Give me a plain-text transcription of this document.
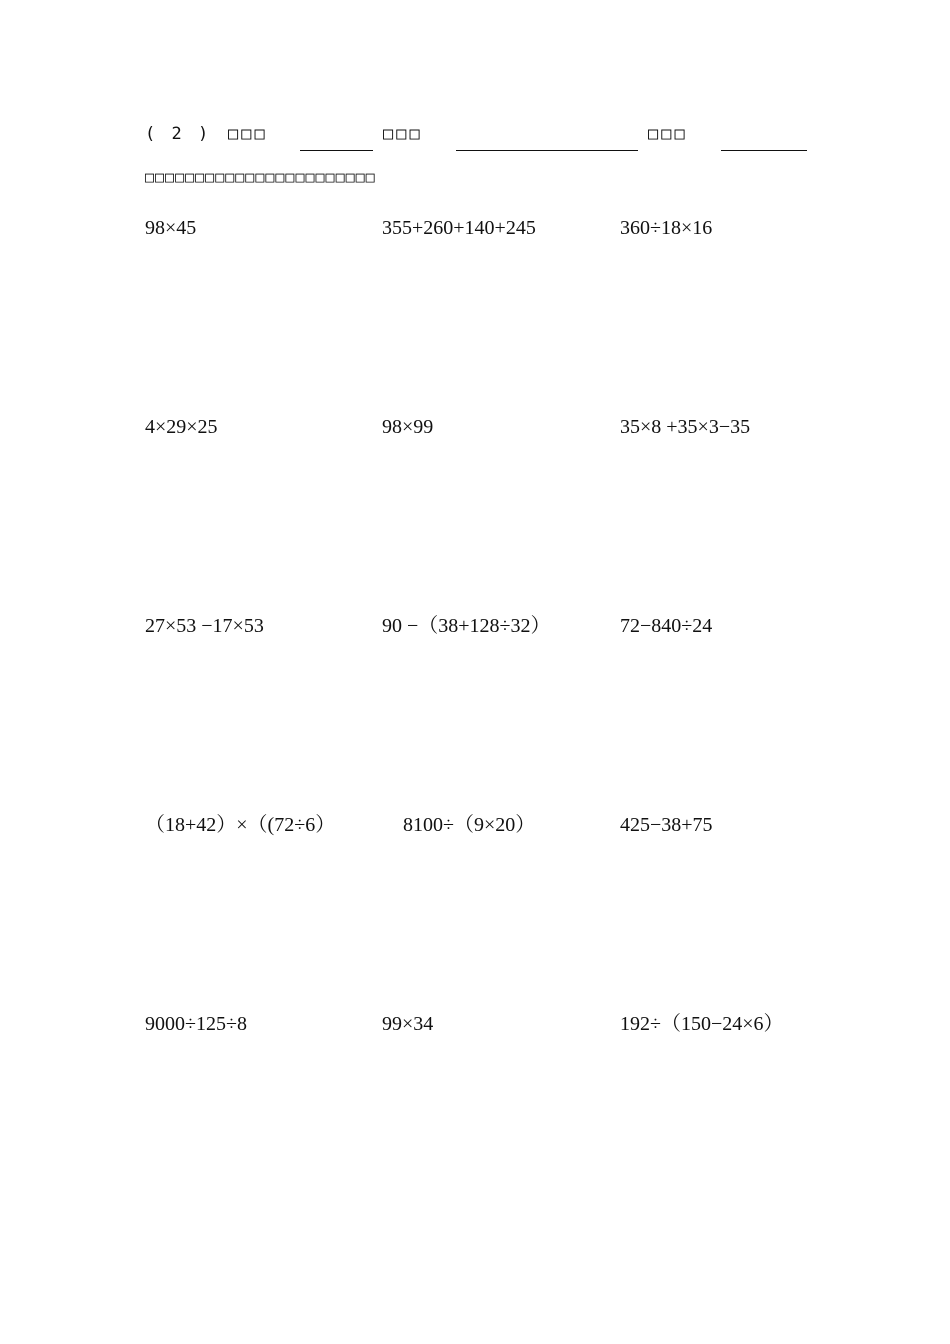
( 2 ) □□□	□□□	□□□
□□□□□□□□□□□□□□□□□□□□□□□
98×45	355+260+140+245	360÷18×16
4×29×25	98×99	35×8 +35×3−35
27×53 −17×53	90 −（38+128÷32）	72−840÷24
（18+42）×（(72÷6）	8100÷（9×20）	425−38+75
9000÷125÷8	99×34	192÷（150−24×6）
